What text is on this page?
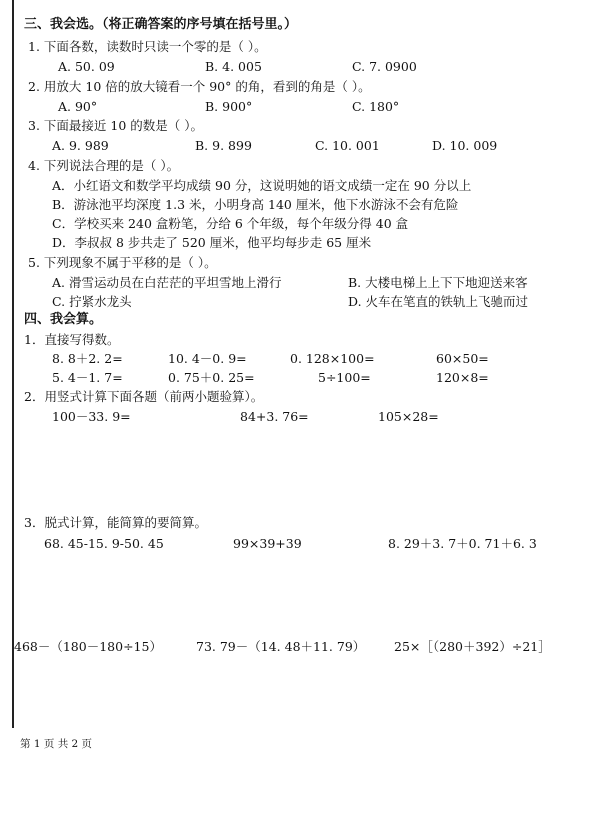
三、我会选。（将正确答案的序号填在括号里。）
1. 下面各数，读数时只读一个零的是（ ）。
A. 50. 09	B. 4. 005	C. 7. 0900
2. 用放大 10 倍的放大镜看一个 90° 的角，看到的角是（ ）。
A. 90°	B. 900°	C. 180°
3. 下面最接近 10 的数是（ ）。
A. 9. 989	B. 9. 899	C. 10. 001	D. 10. 009
4. 下列说法合理的是（ ）。
A．小红语文和数学平均成绩 90 分，这说明她的语文成绩一定在 90 分以上
B．游泳池平均深度 1.3 米，小明身高 140 厘米，他下水游泳不会有危险
C．学校买来 240 盒粉笔，分给 6 个年级，每个年级分得 40 盒
D．李叔叔 8 步共走了 520 厘米，他平均每步走 65 厘米
5. 下列现象不属于平移的是（ ）。
A. 滑雪运动员在白茫茫的平坦雪地上滑行	B. 大楼电梯上上下下地迎送来客
C. 拧紧水龙头	D. 火车在笔直的铁轨上飞驰而过
四、我会算。
1．直接写得数。
8. 8＋2. 2=	10. 4－0. 9=	0. 128×100=	60×50=
5. 4－1. 7=	0. 75＋0. 25=	5÷100=	120×8=
2．用竖式计算下面各题（前两小题验算）。
100－33. 9=	84+3. 76=	105×28=
3．脱式计算，能简算的要简算。
68. 45-15. 9-50. 45	99×39+39	8. 29＋3. 7＋0. 71＋6. 3
468－（180－180÷15）	73. 79－（14. 48＋11. 79） 25×［（280＋392）÷21］
第 1 页 共 2 页
